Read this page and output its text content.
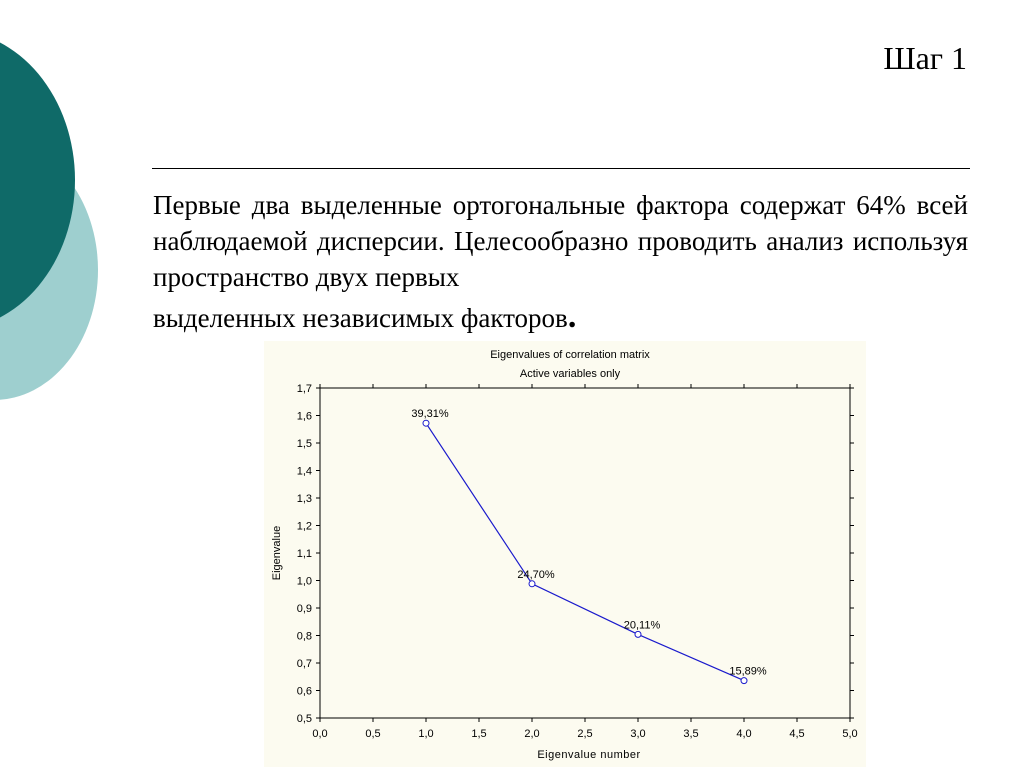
Шаг 1
Первые два выделенные ортогональные фактора содержат 64% всей наблюдаемой дисперсии. Целесообразно проводить анализ используя пространство двух первых
выделенных независимых факторов.
Eigenvalues of correlation matrix
Active variables only
0,5
0,6
0,7
0,8
0,9
1,0
1,1
1,2
1,3
1,4
1,5
1,6
1,7
0,0	0,5	1,0	1,5	2,0	2,5	3,0	3,5	4,0	4,5	5,0
Eigenvalue
Eigenvalue number
39,31%
24,70%
20,11%
15,89%
